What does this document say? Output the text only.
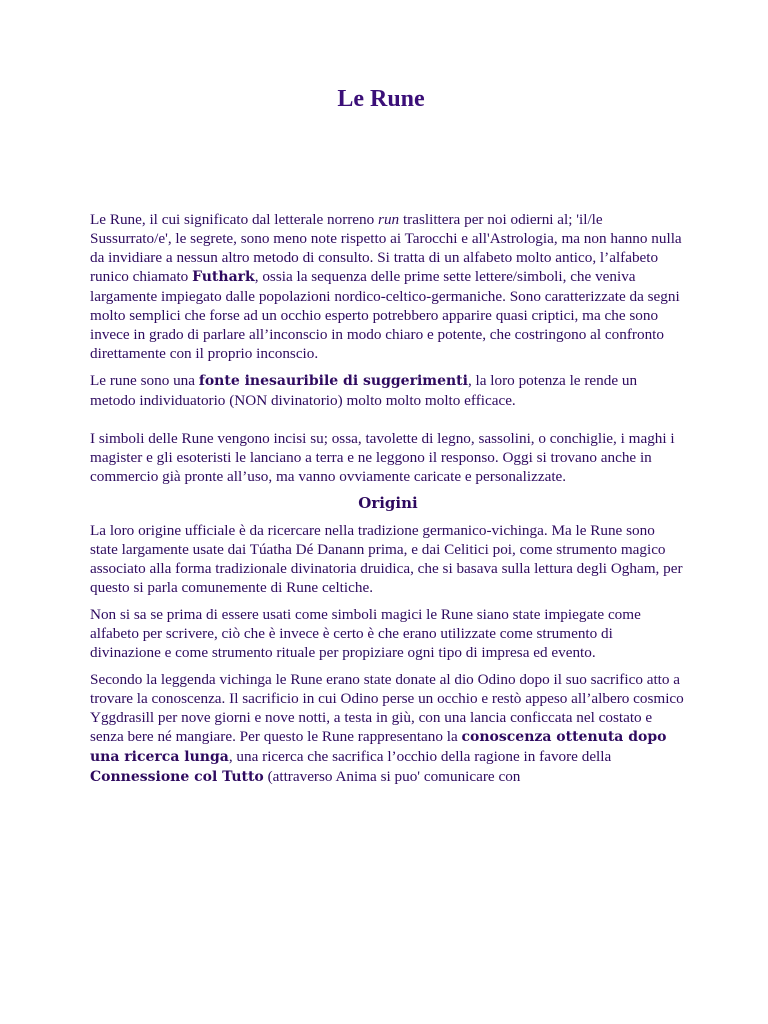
Le Rune

Le Rune, il cui significato dal letterale norreno run traslittera per noi odierni al; 'il/le Sussurrato/e', le segrete, sono meno note rispetto ai Tarocchi e all'Astrologia, ma non hanno nulla da invidiare a nessun altro metodo di consulto. Si tratta di un alfabeto molto antico, l’alfabeto runico chiamato Futhark, ossia la sequenza delle prime sette lettere/simboli, che veniva largamente impiegato dalle popolazioni nordico-celtico-germaniche. Sono caratterizzate da segni molto semplici che forse ad un occhio esperto potrebbero apparire quasi criptici, ma che sono invece in grado di parlare all’inconscio in modo chiaro e potente, che costringono al confronto direttamente con il proprio inconscio.

Le rune sono una fonte inesauribile di suggerimenti, la loro potenza le rende un metodo individuatorio (NON divinatorio) molto molto molto efficace.

I simboli delle Rune vengono incisi su; ossa, tavolette di legno, sassolini, o conchiglie, i maghi i magister e gli esoteristi le lanciano a terra e ne leggono il responso. Oggi si trovano anche in commercio già pronte all’uso, ma vanno ovviamente caricate e personalizzate.

Origini

La loro origine ufficiale è da ricercare nella tradizione germanico-vichinga. Ma le Rune sono state largamente usate dai Túatha Dé Danann prima, e dai Celitici poi, come strumento magico associato alla forma tradizionale divinatoria druidica, che si basava sulla lettura degli Ogham, per questo si parla comunemente di Rune celtiche.

Non si sa se prima di essere usati come simboli magici le Rune siano state impiegate come alfabeto per scrivere, ciò che è invece è certo è che erano utilizzate come strumento di divinazione e come strumento rituale per propiziare ogni tipo di impresa ed evento.

Secondo la leggenda vichinga le Rune erano state donate al dio Odino dopo il suo sacrifico atto a trovare la conoscenza. Il sacrificio in cui Odino perse un occhio e restò appeso all’albero cosmico Yggdrasill per nove giorni e nove notti, a testa in giù, con una lancia conficcata nel costato e senza bere né mangiare. Per questo le Rune rappresentano la conoscenza ottenuta dopo una ricerca lunga, una ricerca che sacrifica l’occhio della ragione in favore della Connessione col Tutto (attraverso Anima si puo' comunicare con
